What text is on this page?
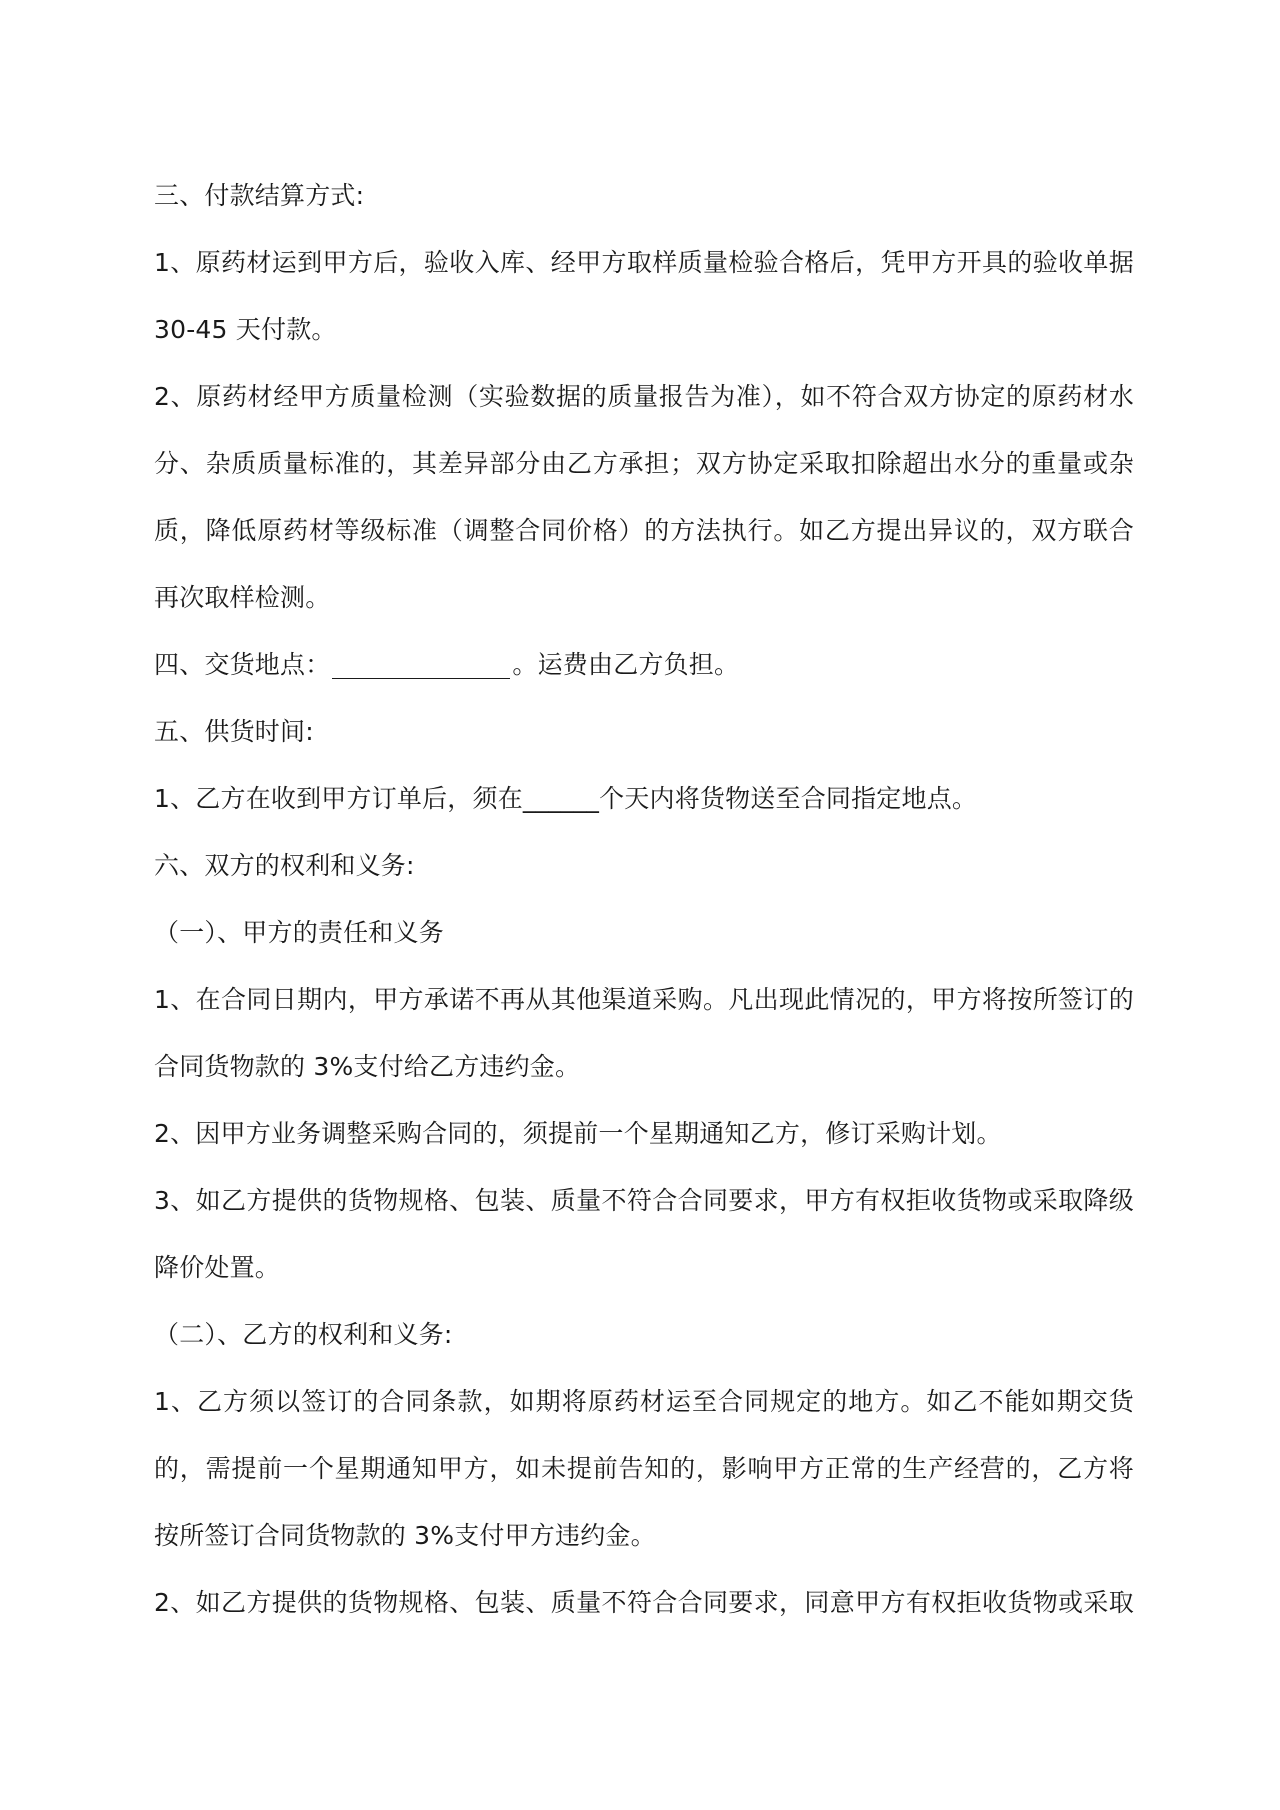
三、付款结算方式:
1、原药材运到甲方后，验收入库、经甲方取样质量检验合格后，凭甲方开具的验收单据
30-45 天付款。
2、原药材经甲方质量检测（实验数据的质量报告为准），如不符合双方协定的原药材水
分、杂质质量标准的，其差异部分由乙方承担；双方协定采取扣除超出水分的重量或杂
质，降低原药材等级标准（调整合同价格）的方法执行。如乙方提出异议的，双方联合
再次取样检测。
四、交货地点：	。运费由乙方负担。
五、供货时间:
1、乙方在收到甲方订单后，须在______个天内将货物送至合同指定地点。
六、双方的权利和义务:
（一）、甲方的责任和义务
1、在合同日期内，甲方承诺不再从其他渠道采购。凡出现此情况的，甲方将按所签订的
合同货物款的 3%支付给乙方违约金。
2、因甲方业务调整采购合同的，须提前一个星期通知乙方，修订采购计划。
3、如乙方提供的货物规格、包装、质量不符合合同要求，甲方有权拒收货物或采取降级
降价处置。
（二）、乙方的权利和义务:
1、乙方须以签订的合同条款，如期将原药材运至合同规定的地方。如乙不能如期交货
的，需提前一个星期通知甲方，如未提前告知的，影响甲方正常的生产经营的，乙方将
按所签订合同货物款的 3%支付甲方违约金。
2、如乙方提供的货物规格、包装、质量不符合合同要求，同意甲方有权拒收货物或采取
